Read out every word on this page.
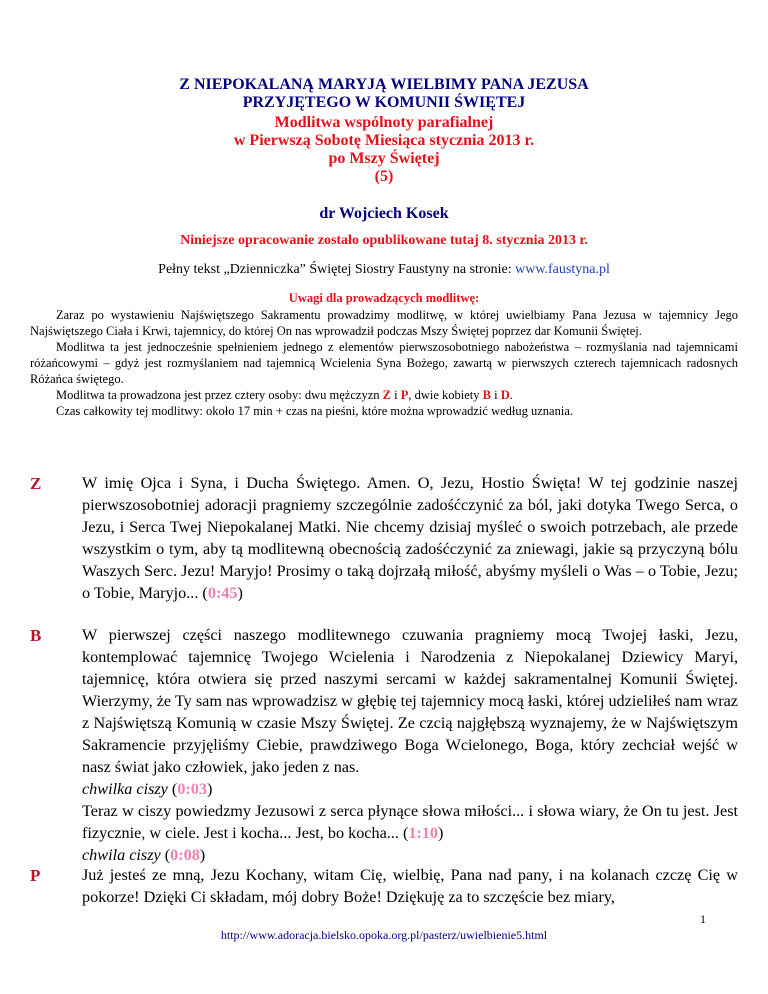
Z NIEPOKALANĄ MARYJĄ WIELBIMY PANA JEZUSA
PRZYJĘTEGO W KOMUNII ŚWIĘTEJ
Modlitwa wspólnoty parafialnej
w Pierwszą Sobotę Miesiąca stycznia 2013 r.
po Mszy Świętej
(5)
dr Wojciech Kosek
Niniejsze opracowanie zostało opublikowane tutaj 8. stycznia 2013 r.
Pełny tekst „Dzienniczka” Świętej Siostry Faustyny na stronie: www.faustyna.pl
Uwagi dla prowadzących modlitwę:

Zaraz po wystawieniu Najświętszego Sakramentu prowadzimy modlitwę, w której uwielbiamy Pana Jezusa w tajemnicy Jego Najświętszego Ciała i Krwi, tajemnicy, do której On nas wprowadził podczas Mszy Świętej poprzez dar Komunii Świętej.

Modlitwa ta jest jednocześnie spełnieniem jednego z elementów pierwszosobotniego nabożeństwa – rozmyślania nad tajemnicami różańcowymi – gdyż jest rozmyślaniem nad tajemnicą Wcielenia Syna Bożego, zawartą w pierwszych czterech tajemnicach radosnych Różańca świętego.

Modlitwa ta prowadzona jest przez cztery osoby: dwu mężczyzn Z i P, dwie kobiety B i D.

Czas całkowity tej modlitwy: około 17 min + czas na pieśni, które można wprowadzić według uznania.

Z	W imię Ojca i Syna, i Ducha Świętego. Amen. O, Jezu, Hostio Święta! W tej godzinie naszej pierwszosobotniej adoracji pragniemy szczególnie zadośćczynić za ból, jaki dotyka Twego Serca, o Jezu, i Serca Twej Niepokalanej Matki. Nie chcemy dzisiaj myśleć o swoich potrzebach, ale przede wszystkim o tym, aby tą modlitewną obecnością zadośćczynić za zniewagi, jakie są przyczyną bólu Waszych Serc. Jezu! Maryjo! Prosimy o taką dojrzałą miłość, abyśmy myśleli o Was – o Tobie, Jezu; o Tobie, Maryjo... (0:45)

B	W pierwszej części naszego modlitewnego czuwania pragniemy mocą Twojej łaski, Jezu, kontemplować tajemnicę Twojego Wcielenia i Narodzenia z Niepokalanej Dziewicy Maryi, tajemnicę, która otwiera się przed naszymi sercami w każdej sakramentalnej Komunii Świętej. Wierzymy, że Ty sam nas wprowadzisz w głębię tej tajemnicy mocą łaski, której udzieliłeś nam wraz z Najświętszą Komunią w czasie Mszy Świętej. Ze czcią najgłębszą wyznajemy, że w Najświętszym Sakramencie przyjęliśmy Ciebie, prawdziwego Boga Wcielonego, Boga, który zechciał wejść w nasz świat jako człowiek, jako jeden z nas.

chwilka ciszy (0:03)

Teraz w ciszy powiedzmy Jezusowi z serca płynące słowa miłości... i słowa wiary, że On tu jest. Jest fizycznie, w ciele. Jest i kocha... Jest, bo kocha... (1:10)

chwila ciszy (0:08)

P	Już jesteś ze mną, Jezu Kochany, witam Cię, wielbię, Pana nad pany, i na kolanach czczę Cię w pokorze! Dzięki Ci składam, mój dobry Boże! Dziękuję za to szczęście bez miary,

1
http://www.adoracja.bielsko.opoka.org.pl/pasterz/uwielbienie5.html
